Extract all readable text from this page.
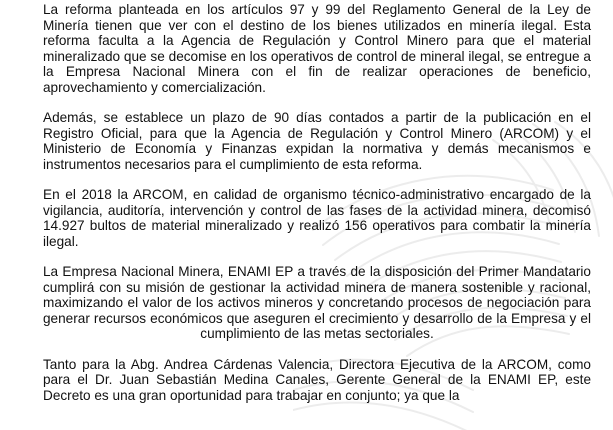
La reforma planteada en los artículos 97 y 99 del Reglamento General de la Ley de Minería tienen que ver con el destino de los bienes utilizados en minería ilegal. Esta reforma faculta a la Agencia de Regulación y Control Minero para que el material mineralizado que se decomise en los operativos de control de mineral ilegal, se entregue a la Empresa Nacional Minera con el fin de realizar operaciones de beneficio, aprovechamiento y comercialización.

Además, se establece un plazo de 90 días contados a partir de la publicación en el Registro Oficial, para que la Agencia de Regulación y Control Minero (ARCOM) y el Ministerio de Economía y Finanzas expidan la normativa y demás mecanismos e instrumentos necesarios para el cumplimiento de esta reforma.

En el 2018 la ARCOM, en calidad de organismo técnico-administrativo encargado de la vigilancia, auditoría, intervención y control de las fases de la actividad minera, decomisó 14.927 bultos de material mineralizado y realizó 156 operativos para combatir la minería ilegal.

La Empresa Nacional Minera, ENAMI EP a través de la disposición del Primer Mandatario cumplirá con su misión de gestionar la actividad minera de manera sostenible y racional, maximizando el valor de los activos mineros y concretando procesos de negociación para generar recursos económicos que aseguren el crecimiento y desarrollo de la Empresa y el cumplimiento de las metas sectoriales.

Tanto para la Abg. Andrea Cárdenas Valencia, Directora Ejecutiva de la ARCOM, como para el Dr. Juan Sebastián Medina Canales, Gerente General de la ENAMI EP, este Decreto es una gran oportunidad para trabajar en conjunto; ya que la
